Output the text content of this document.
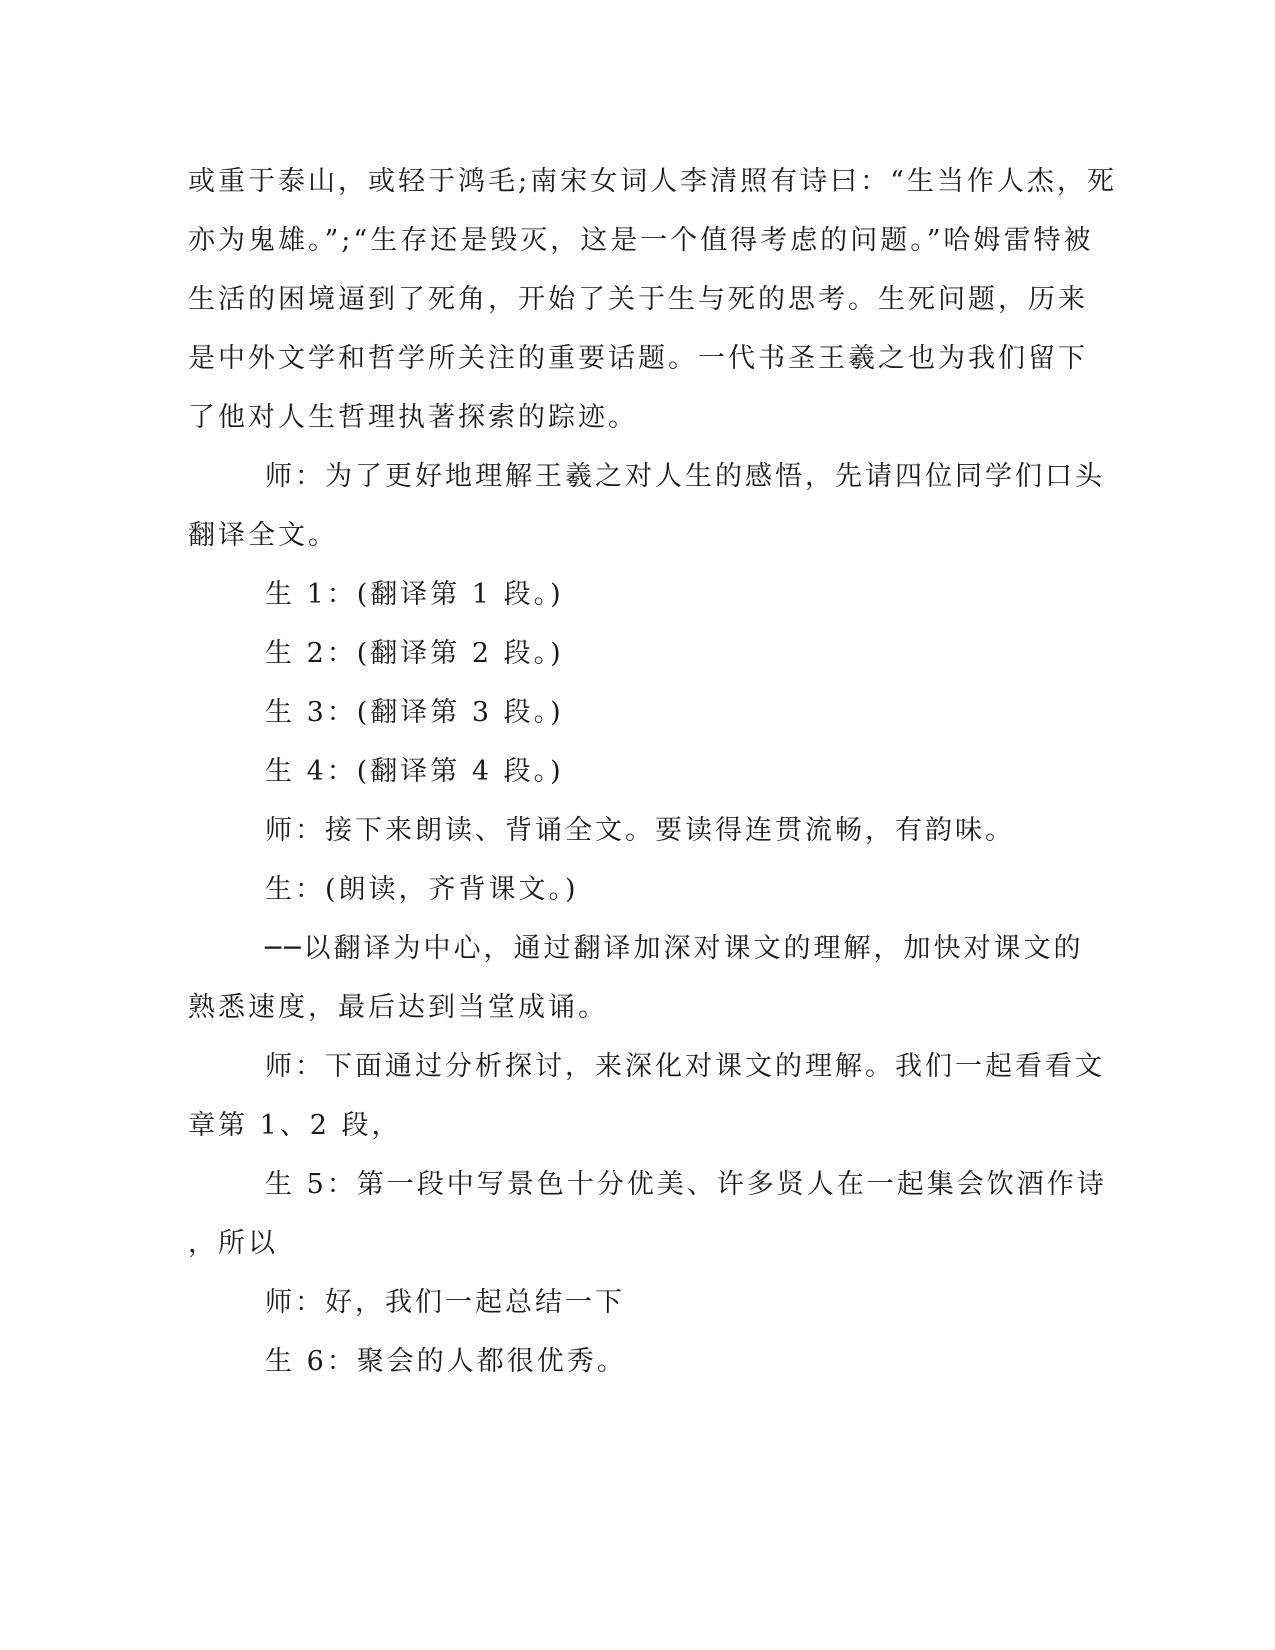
或重于泰山，或轻于鸿毛;南宋女词人李清照有诗曰：“生当作人杰，死
亦为鬼雄。”;“生存还是毁灭，这是一个值得考虑的问题。”哈姆雷特被
生活的困境逼到了死角，开始了关于生与死的思考。生死问题，历来
是中外文学和哲学所关注的重要话题。一代书圣王羲之也为我们留下
了他对人生哲理执著探索的踪迹。
师：为了更好地理解王羲之对人生的感悟，先请四位同学们口头
翻译全文。
生 1：(翻译第 1 段。)
生 2：(翻译第 2 段。)
生 3：(翻译第 3 段。)
生 4：(翻译第 4 段。)
师：接下来朗读、背诵全文。要读得连贯流畅，有韵味。
生：(朗读，齐背课文。)
──以翻译为中心，通过翻译加深对课文的理解，加快对课文的
熟悉速度，最后达到当堂成诵。
师：下面通过分析探讨，来深化对课文的理解。我们一起看看文
章第 1、2 段，
生 5：第一段中写景色十分优美、许多贤人在一起集会饮酒作诗
，所以
师：好，我们一起总结一下
生 6：聚会的人都很优秀。
